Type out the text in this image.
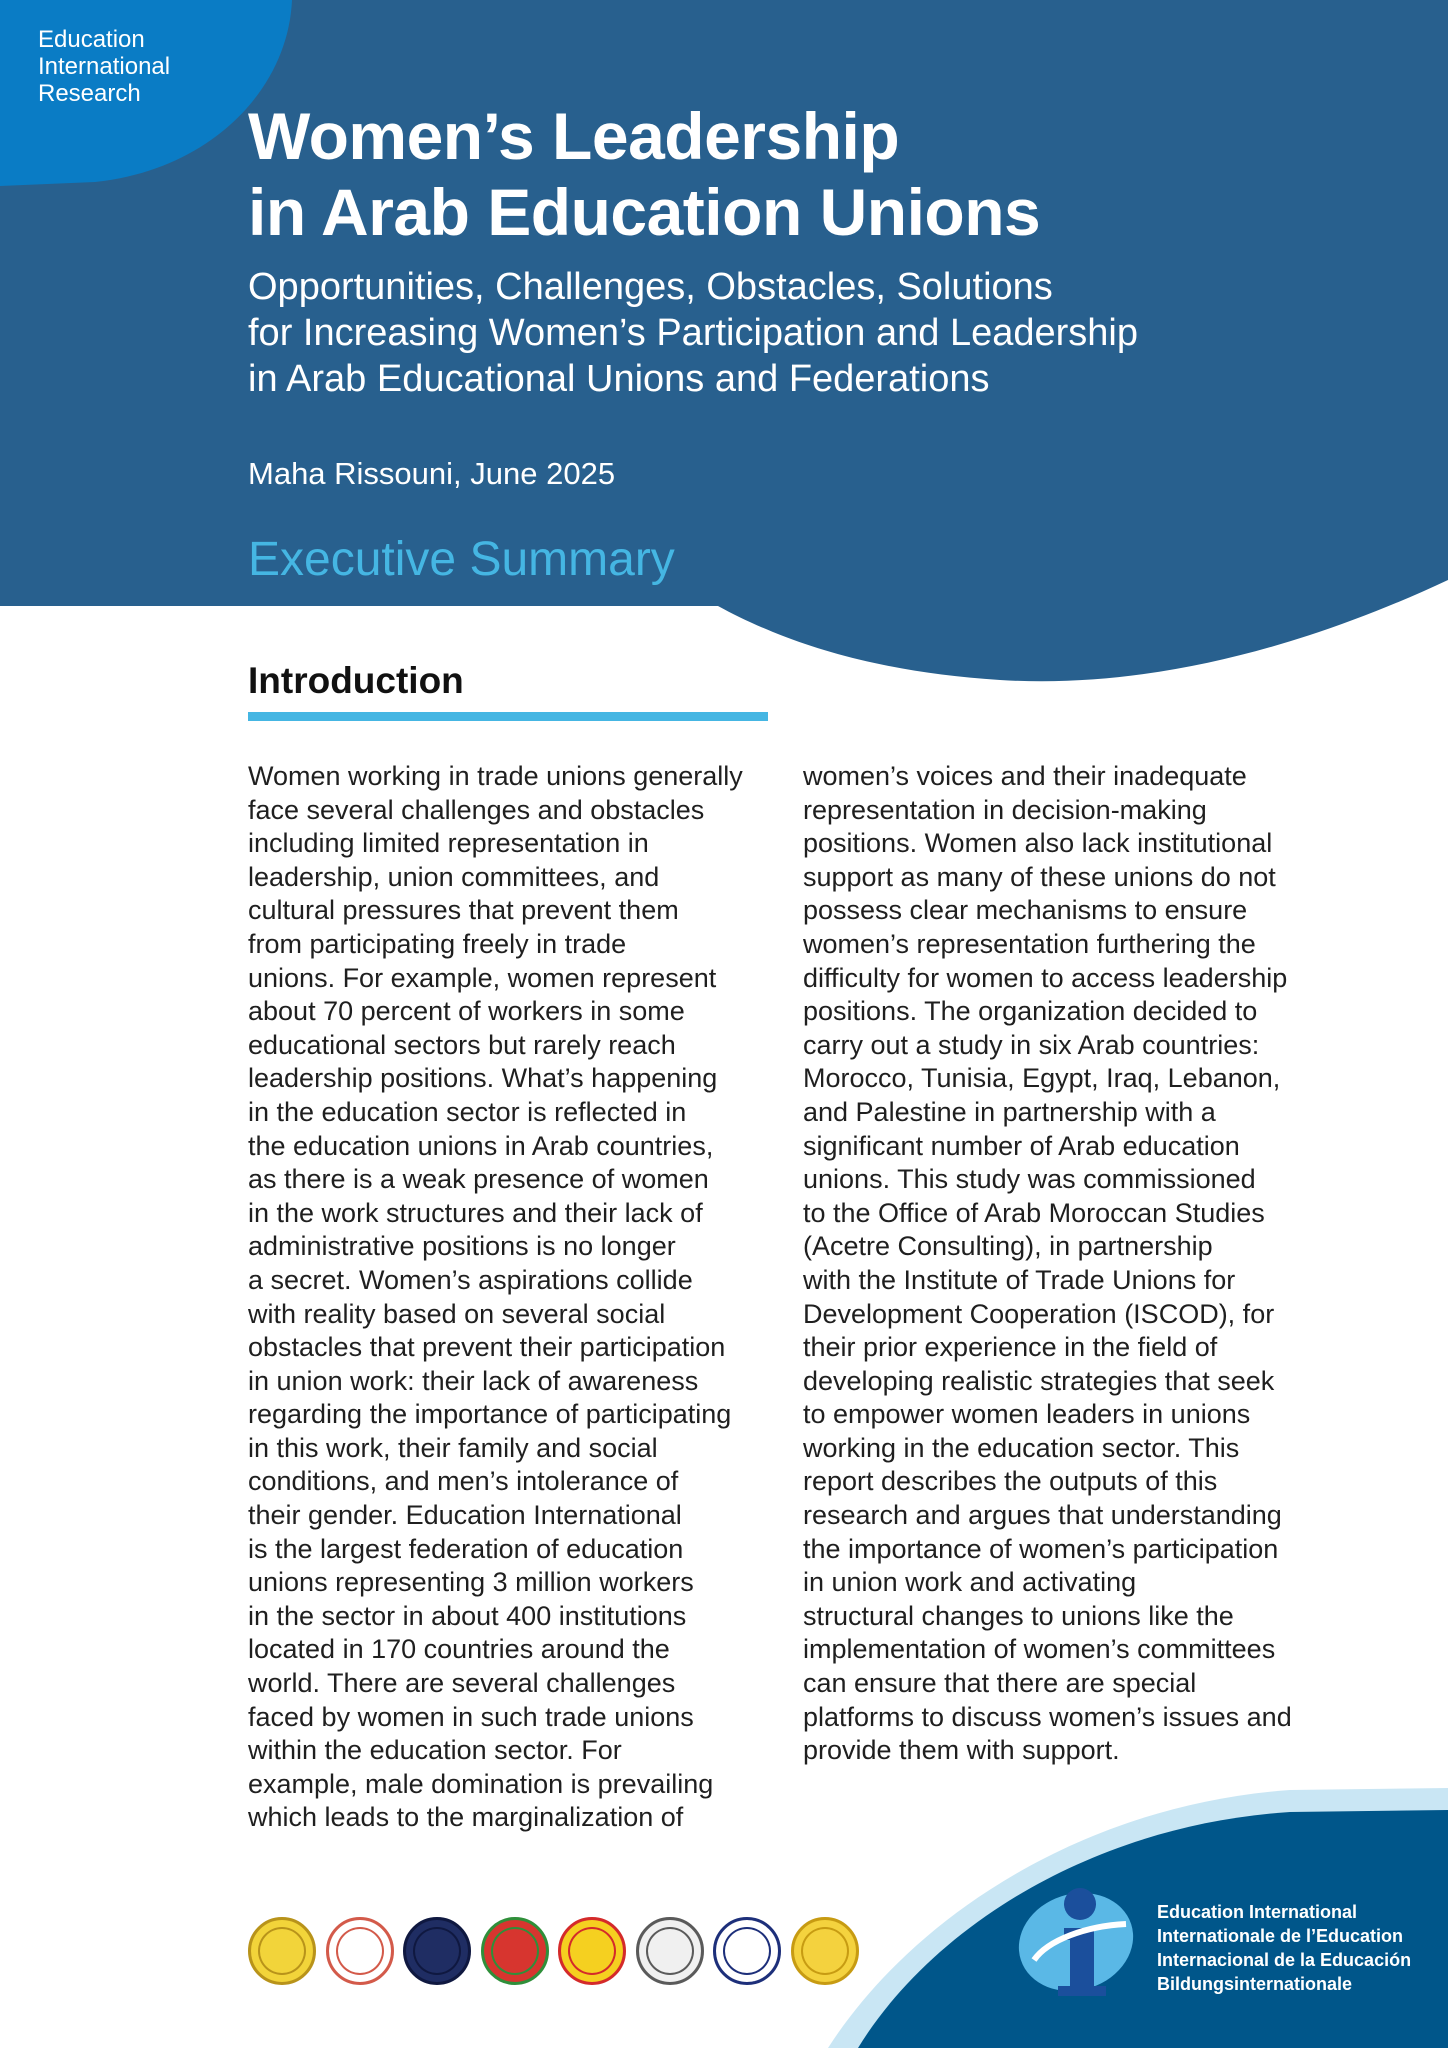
Education
International
Research
Women’s Leadership
in Arab Education Unions
Opportunities, Challenges, Obstacles, Solutions
for Increasing Women’s Participation and Leadership
in Arab Educational Unions and Federations
Maha Rissouni, June 2025
Executive Summary
Introduction
Women working in trade unions generally
face several challenges and obstacles
including limited representation in
leadership, union committees, and
cultural pressures that prevent them
from participating freely in trade
unions. For example, women represent
about 70 percent of workers in some
educational sectors but rarely reach
leadership positions. What’s happening
in the education sector is reflected in
the education unions in Arab countries,
as there is a weak presence of women
in the work structures and their lack of
administrative positions is no longer
a secret. Women’s aspirations collide
with reality based on several social
obstacles that prevent their participation
in union work: their lack of awareness
regarding the importance of participating
in this work, their family and social
conditions, and men’s intolerance of
their gender. Education International
is the largest federation of education
unions representing 3 million workers
in the sector in about 400 institutions
located in 170 countries around the
world. There are several challenges
faced by women in such trade unions
within the education sector. For
example, male domination is prevailing
which leads to the marginalization of
women’s voices and their inadequate
representation in decision-making
positions. Women also lack institutional
support as many of these unions do not
possess clear mechanisms to ensure
women’s representation furthering the
difficulty for women to access leadership
positions. The organization decided to
carry out a study in six Arab countries:
Morocco, Tunisia, Egypt, Iraq, Lebanon,
and Palestine in partnership with a
significant number of Arab education
unions. This study was commissioned
to the Office of Arab Moroccan Studies
(Acetre Consulting), in partnership
with the Institute of Trade Unions for
Development Cooperation (ISCOD), for
their prior experience in the field of
developing realistic strategies that seek
to empower women leaders in unions
working in the education sector. This
report describes the outputs of this
research and argues that understanding
the importance of women’s participation
in union work and activating
structural changes to unions like the
implementation of women’s committees
can ensure that there are special
platforms to discuss women’s issues and
provide them with support.
Education International
Internationale de l’Education
Internacional de la Educación
Bildungsinternationale
